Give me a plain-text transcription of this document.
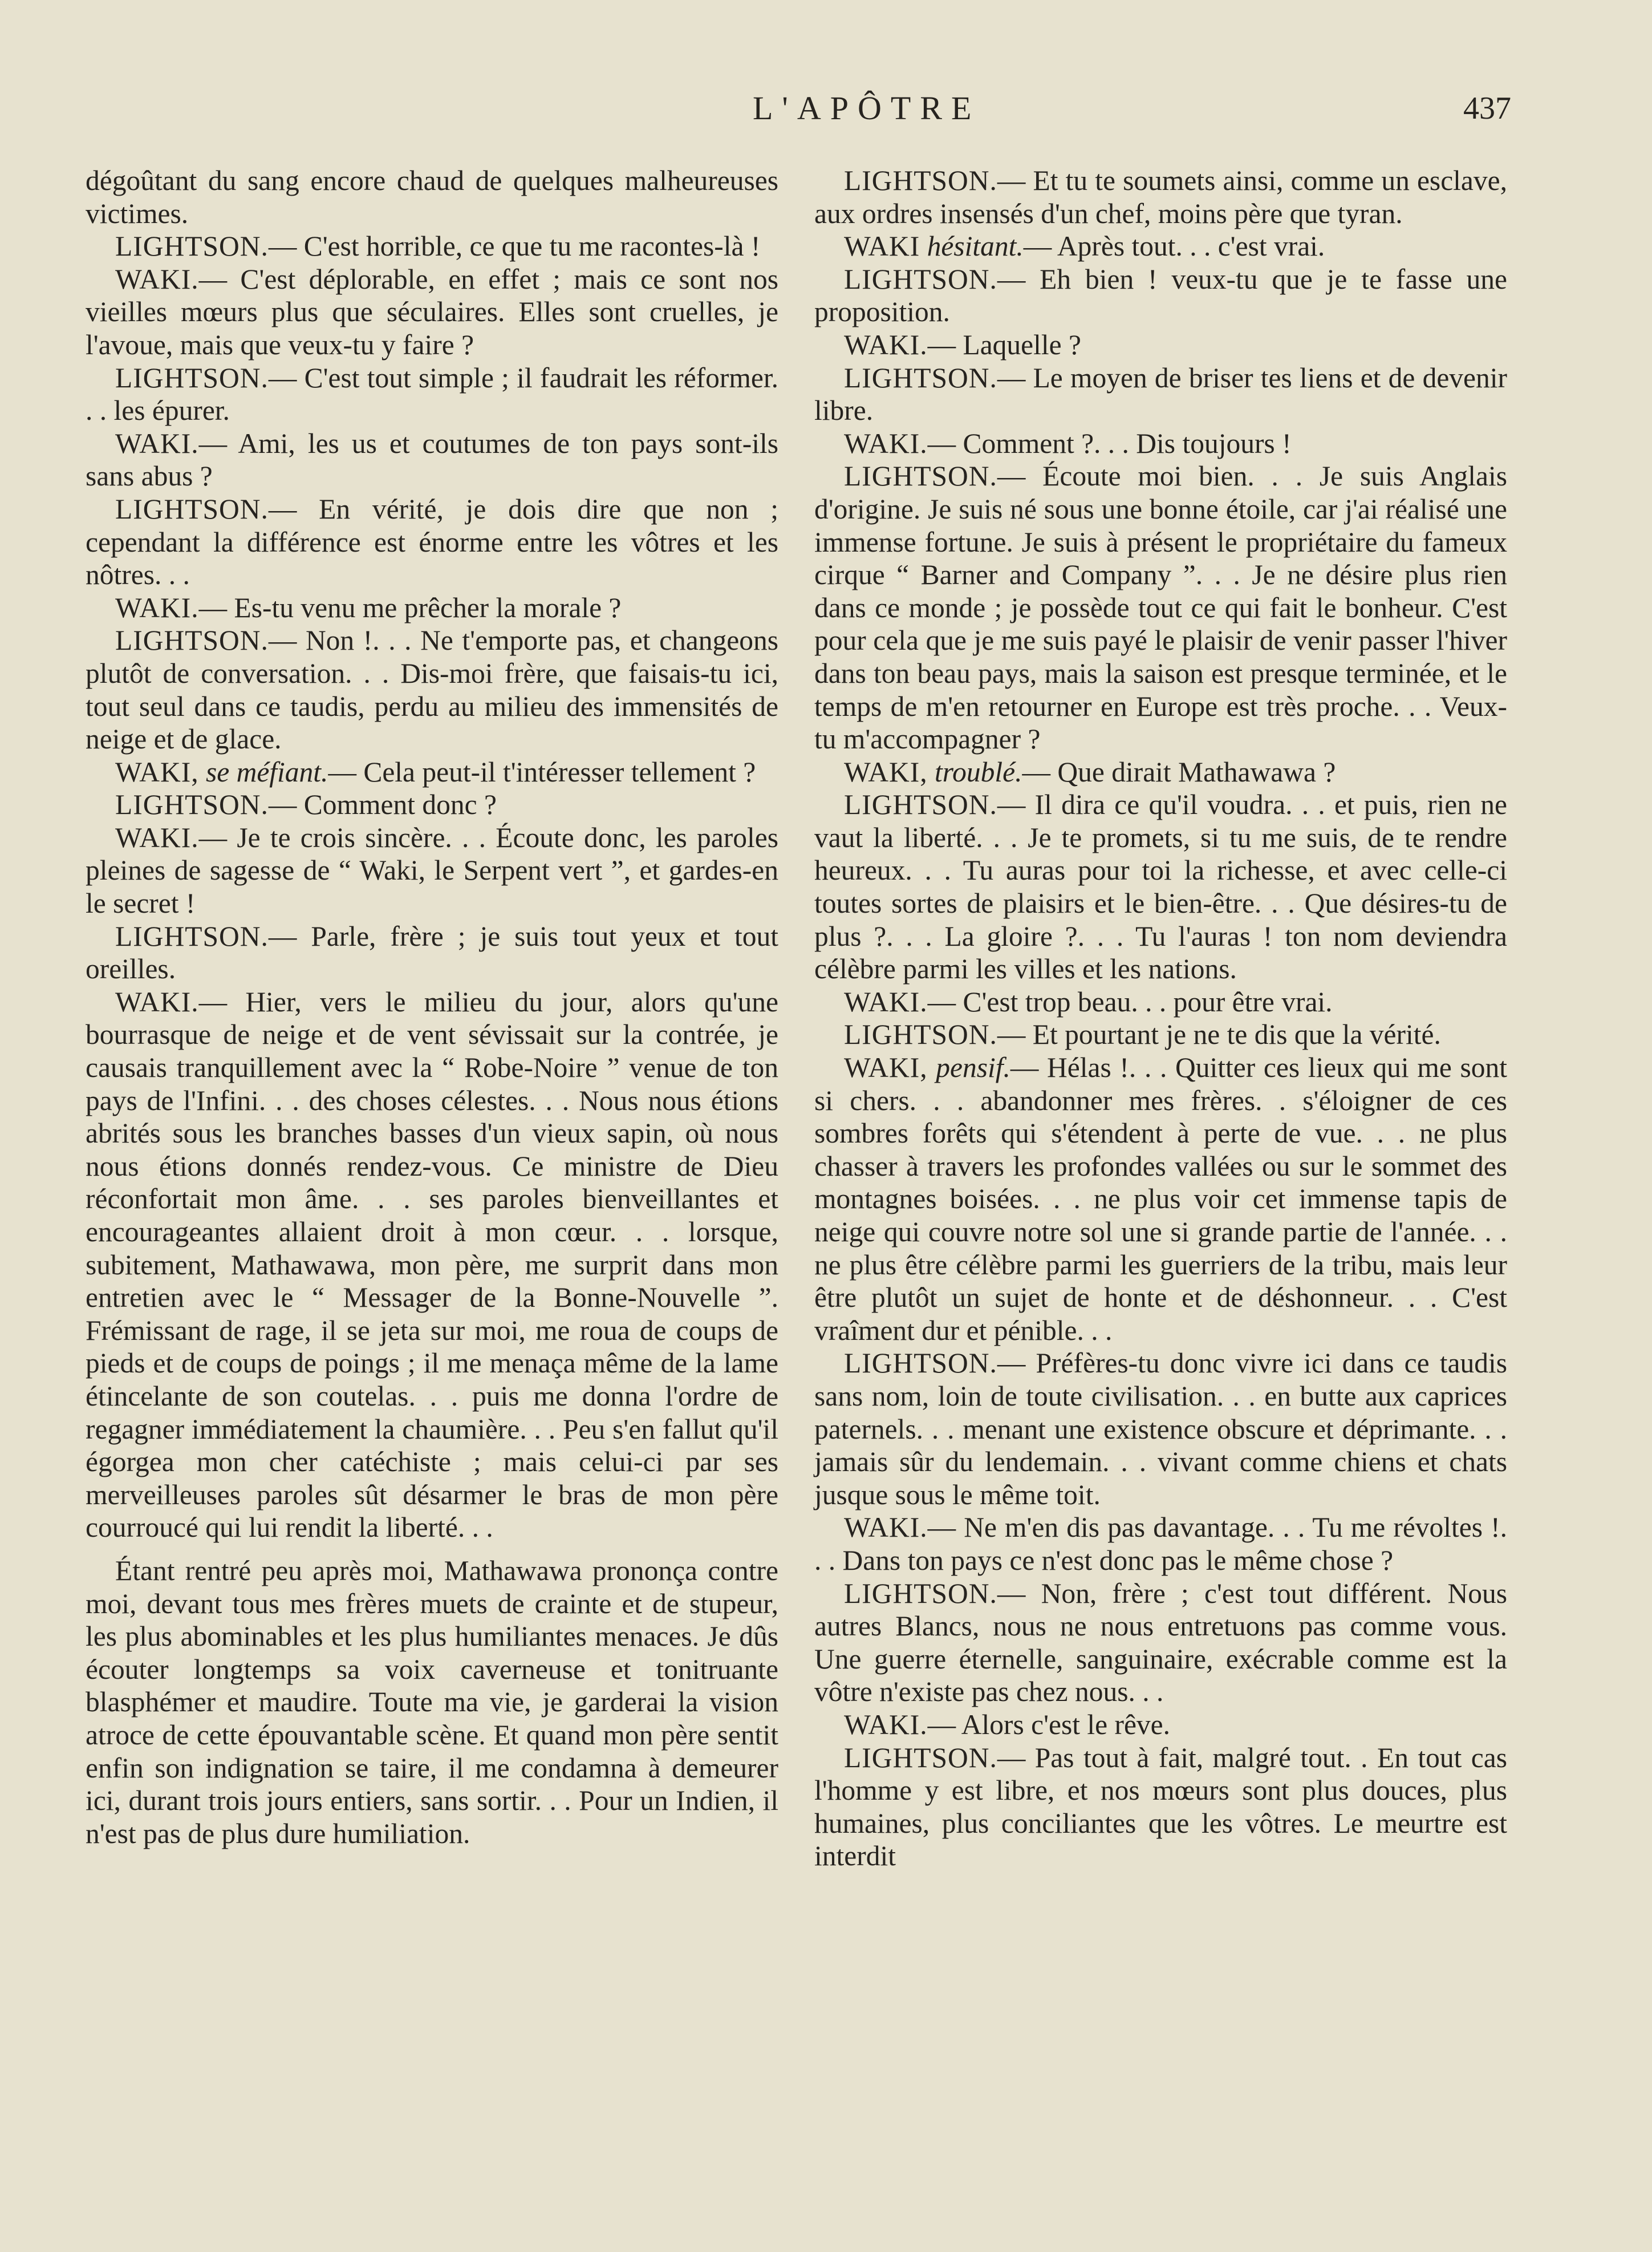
L'APÔTRE	437

dégoûtant du sang encore chaud de quelques malheureuses victimes.

LIGHTSON.— C'est horrible, ce que tu me racontes-là !

WAKI.— C'est déplorable, en effet ; mais ce sont nos vieilles mœurs plus que séculaires. Elles sont cruelles, je l'avoue, mais que veux-tu y faire ?

LIGHTSON.— C'est tout simple ; il faudrait les réformer. . . les épurer.

WAKI.— Ami, les us et coutumes de ton pays sont-ils sans abus ?

LIGHTSON.— En vérité, je dois dire que non ; cependant la différence est énorme entre les vôtres et les nôtres. . .

WAKI.— Es-tu venu me prêcher la morale ?

LIGHTSON.— Non !. . . Ne t'emporte pas, et changeons plutôt de conversation. . . Dis-moi frère, que faisais-tu ici, tout seul dans ce taudis, perdu au milieu des immensités de neige et de glace.

WAKI, se méfiant.— Cela peut-il t'intéresser tellement ?

LIGHTSON.— Comment donc ?

WAKI.— Je te crois sincère. . . Écoute donc, les paroles pleines de sagesse de “ Waki, le Serpent vert ”, et gardes-en le secret !

LIGHTSON.— Parle, frère ; je suis tout yeux et tout oreilles.

WAKI.— Hier, vers le milieu du jour, alors qu'une bourrasque de neige et de vent sévissait sur la contrée, je causais tranquillement avec la “ Robe-Noire ” venue de ton pays de l'Infini. . . des choses célestes. . . Nous nous étions abrités sous les branches basses d'un vieux sapin, où nous nous étions donnés rendez-vous. Ce ministre de Dieu réconfortait mon âme. . . ses paroles bienveillantes et encourageantes allaient droit à mon cœur. . . lorsque, subitement, Mathawawa, mon père, me surprit dans mon entretien avec le “ Messager de la Bonne-Nouvelle ”. Frémissant de rage, il se jeta sur moi, me roua de coups de pieds et de coups de poings ; il me menaça même de la lame étincelante de son coutelas. . . puis me donna l'ordre de regagner immédiatement la chaumière. . . Peu s'en fallut qu'il égorgea mon cher catéchiste ; mais celui-ci par ses merveilleuses paroles sût désarmer le bras de mon père courroucé qui lui rendit la liberté. . .

Étant rentré peu après moi, Mathawawa prononça contre moi, devant tous mes frères muets de crainte et de stupeur, les plus abominables et les plus humiliantes menaces. Je dûs écouter longtemps sa voix caverneuse et tonitruante blasphémer et maudire. Toute ma vie, je garderai la vision atroce de cette épouvantable scène. Et quand mon père sentit enfin son indignation se taire, il me condamna à demeurer ici, durant trois jours entiers, sans sortir. . . Pour un Indien, il n'est pas de plus dure humiliation.

LIGHTSON.— Et tu te soumets ainsi, comme un esclave, aux ordres insensés d'un chef, moins père que tyran.

WAKI hésitant.— Après tout. . . c'est vrai.

LIGHTSON.— Eh bien ! veux-tu que je te fasse une proposition.

WAKI.— Laquelle ?

LIGHTSON.— Le moyen de briser tes liens et de devenir libre.

WAKI.— Comment ?. . . Dis toujours !

LIGHTSON.— Écoute moi bien. . . Je suis Anglais d'origine. Je suis né sous une bonne étoile, car j'ai réalisé une immense fortune. Je suis à présent le propriétaire du fameux cirque “ Barner and Company ”. . . Je ne désire plus rien dans ce monde ; je possède tout ce qui fait le bonheur. C'est pour cela que je me suis payé le plaisir de venir passer l'hiver dans ton beau pays, mais la saison est presque terminée, et le temps de m'en retourner en Europe est très proche. . . Veux-tu m'accompagner ?

WAKI, troublé.— Que dirait Mathawawa ?

LIGHTSON.— Il dira ce qu'il voudra. . . et puis, rien ne vaut la liberté. . . Je te promets, si tu me suis, de te rendre heureux. . . Tu auras pour toi la richesse, et avec celle-ci toutes sortes de plaisirs et le bien-être. . . Que désires-tu de plus ?. . . La gloire ?. . . Tu l'auras ! ton nom deviendra célèbre parmi les villes et les nations.

WAKI.— C'est trop beau. . . pour être vrai.

LIGHTSON.— Et pourtant je ne te dis que la vérité.

WAKI, pensif.— Hélas !. . . Quitter ces lieux qui me sont si chers. . . abandonner mes frères. . s'éloigner de ces sombres forêts qui s'étendent à perte de vue. . . ne plus chasser à travers les profondes vallées ou sur le sommet des montagnes boisées. . . ne plus voir cet immense tapis de neige qui couvre notre sol une si grande partie de l'année. . . ne plus être célèbre parmi les guerriers de la tribu, mais leur être plutôt un sujet de honte et de déshonneur. . . C'est vraîment dur et pénible. . .

LIGHTSON.— Préfères-tu donc vivre ici dans ce taudis sans nom, loin de toute civilisation. . . en butte aux caprices paternels. . . menant une existence obscure et déprimante. . . jamais sûr du lendemain. . . vivant comme chiens et chats jusque sous le même toit.

WAKI.— Ne m'en dis pas davantage. . . Tu me révoltes !. . . Dans ton pays ce n'est donc pas le même chose ?

LIGHTSON.— Non, frère ; c'est tout différent. Nous autres Blancs, nous ne nous entretuons pas comme vous. Une guerre éternelle, sanguinaire, exécrable comme est la vôtre n'existe pas chez nous. . .

WAKI.— Alors c'est le rêve.

LIGHTSON.— Pas tout à fait, malgré tout. . En tout cas l'homme y est libre, et nos mœurs sont plus douces, plus humaines, plus conciliantes que les vôtres. Le meurtre est interdit
